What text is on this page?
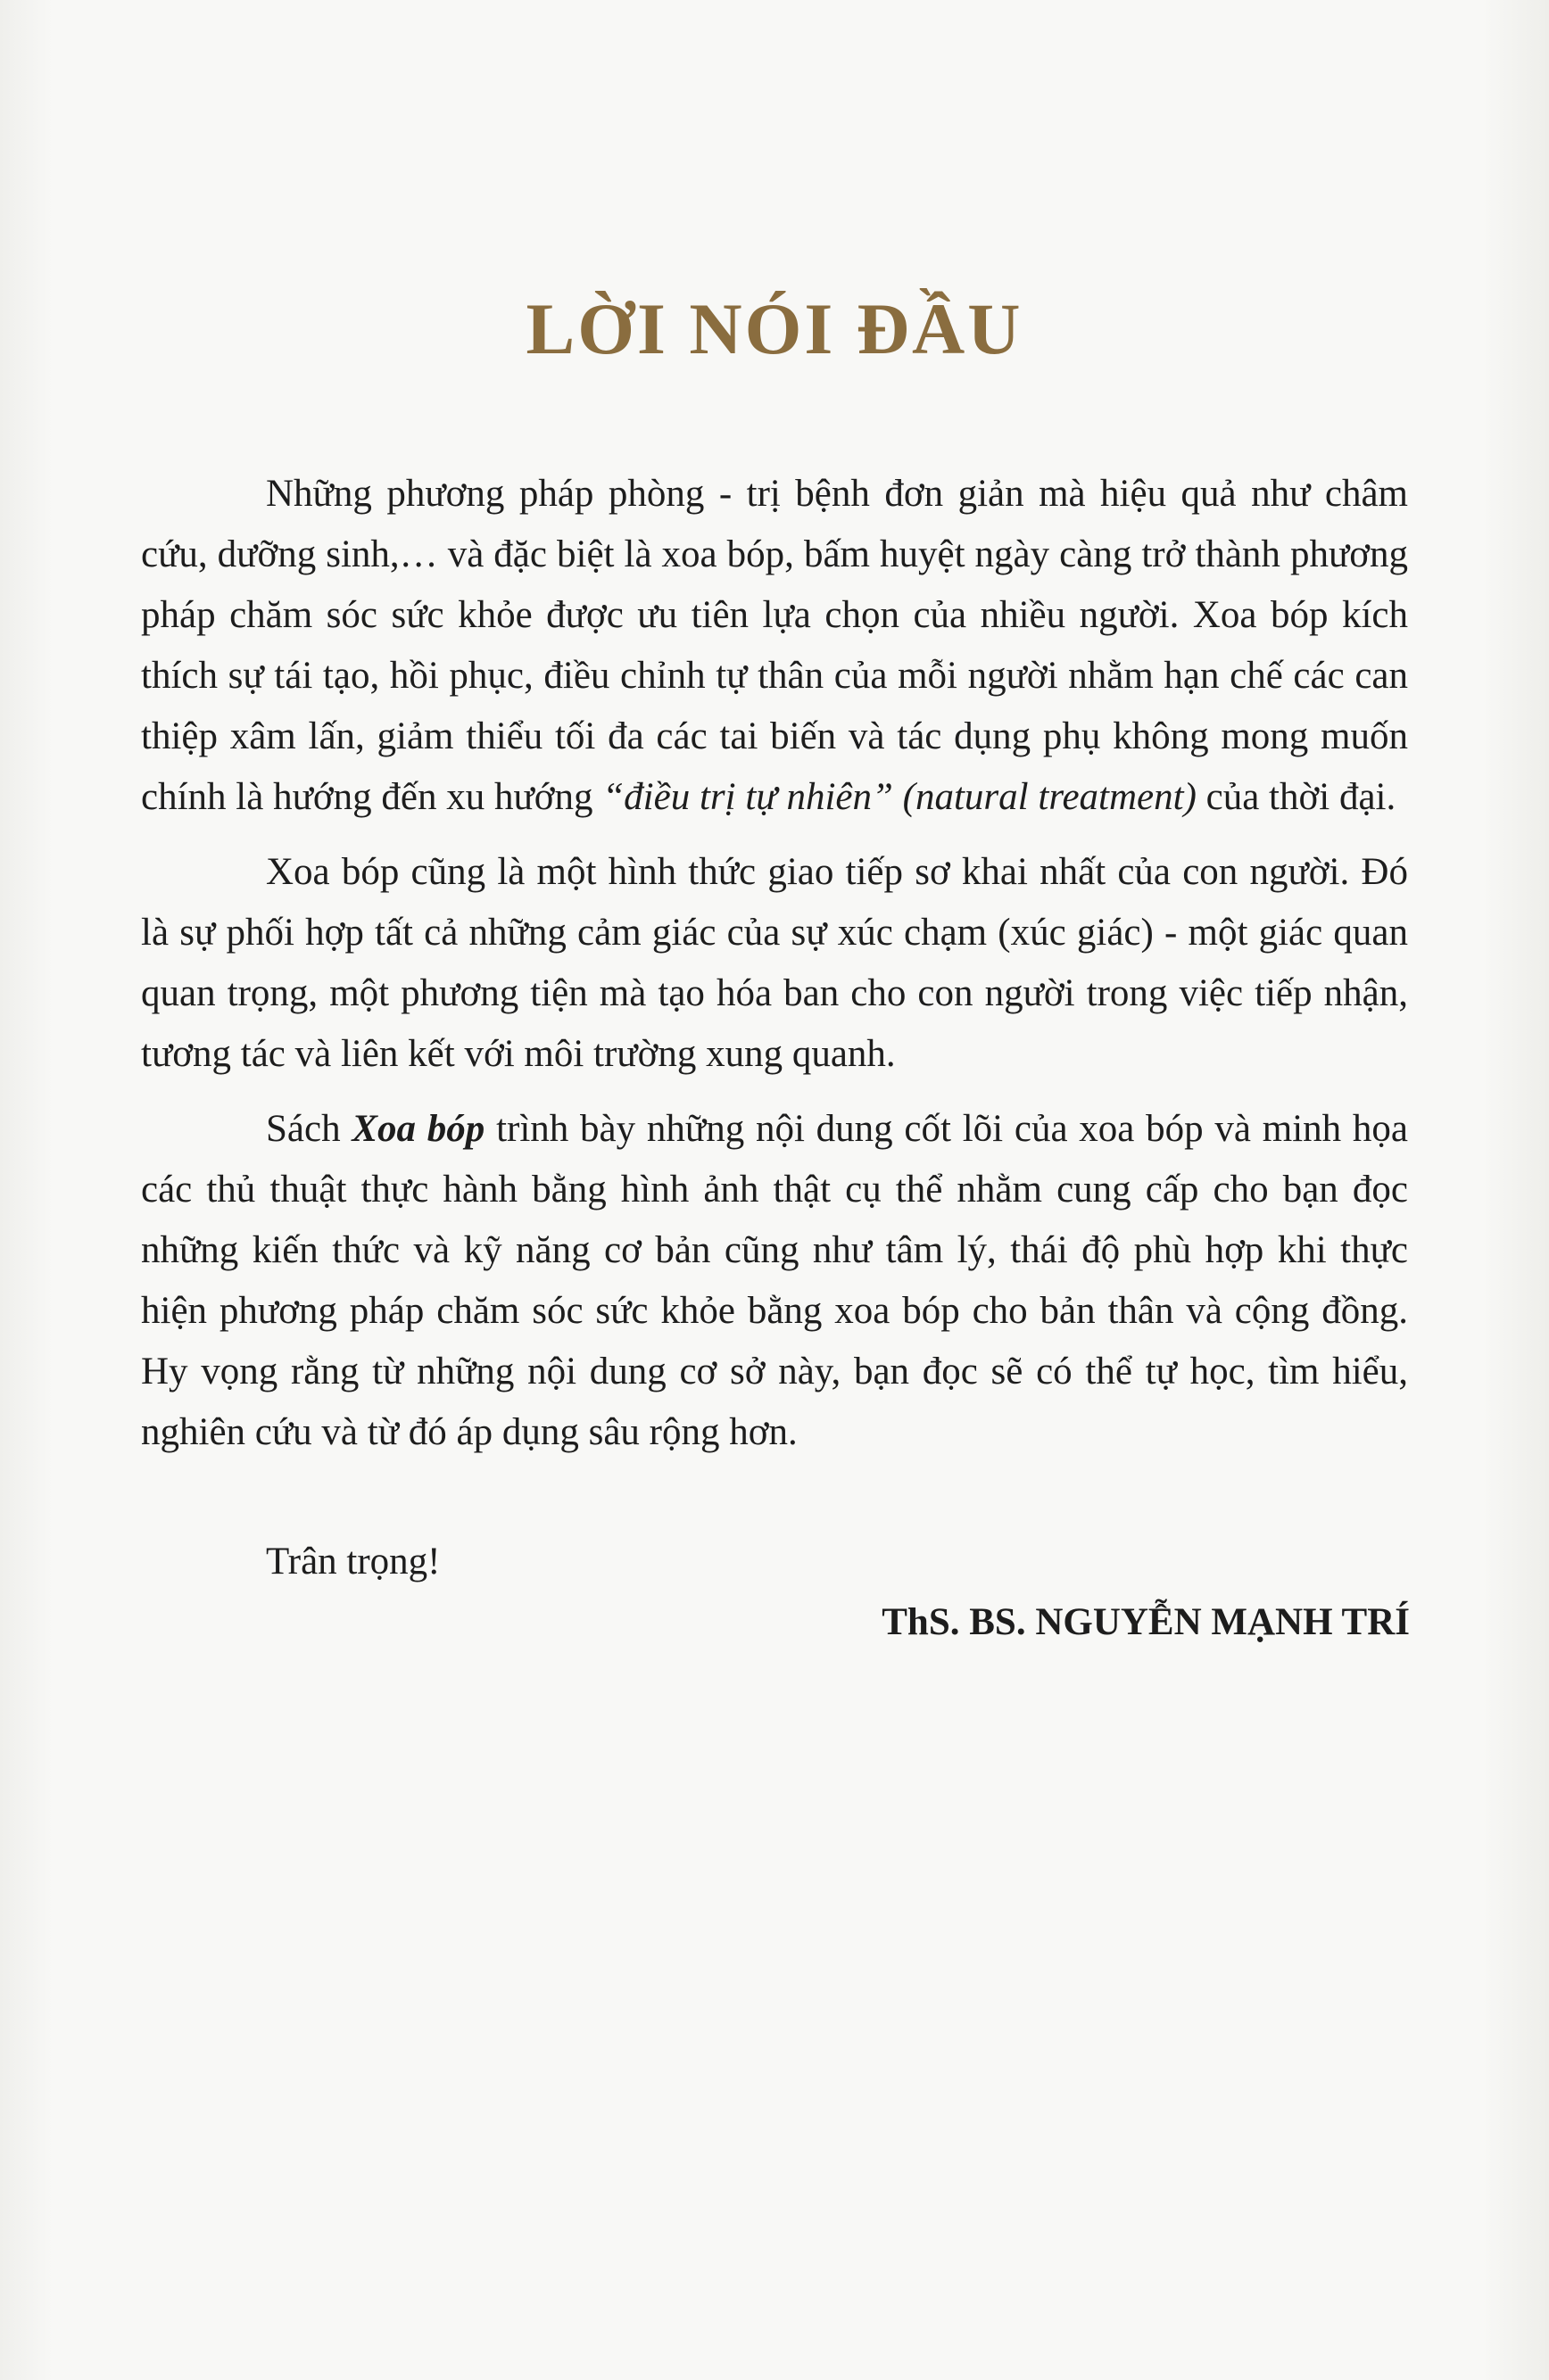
LỜI NÓI ĐẦU

Những phương pháp phòng - trị bệnh đơn giản mà hiệu quả như châm cứu, dưỡng sinh,… và đặc biệt là xoa bóp, bấm huyệt ngày càng trở thành phương pháp chăm sóc sức khỏe được ưu tiên lựa chọn của nhiều người. Xoa bóp kích thích sự tái tạo, hồi phục, điều chỉnh tự thân của mỗi người nhằm hạn chế các can thiệp xâm lấn, giảm thiểu tối đa các tai biến và tác dụng phụ không mong muốn chính là hướng đến xu hướng “điều trị tự nhiên” (natural treatment) của thời đại.

Xoa bóp cũng là một hình thức giao tiếp sơ khai nhất của con người. Đó là sự phối hợp tất cả những cảm giác của sự xúc chạm (xúc giác) - một giác quan quan trọng, một phương tiện mà tạo hóa ban cho con người trong việc tiếp nhận, tương tác và liên kết với môi trường xung quanh.

Sách Xoa bóp trình bày những nội dung cốt lõi của xoa bóp và minh họa các thủ thuật thực hành bằng hình ảnh thật cụ thể nhằm cung cấp cho bạn đọc những kiến thức và kỹ năng cơ bản cũng như tâm lý, thái độ phù hợp khi thực hiện phương pháp chăm sóc sức khỏe bằng xoa bóp cho bản thân và cộng đồng. Hy vọng rằng từ những nội dung cơ sở này, bạn đọc sẽ có thể tự học, tìm hiểu, nghiên cứu và từ đó áp dụng sâu rộng hơn.

Trân trọng!
ThS. BS. NGUYỄN MẠNH TRÍ
